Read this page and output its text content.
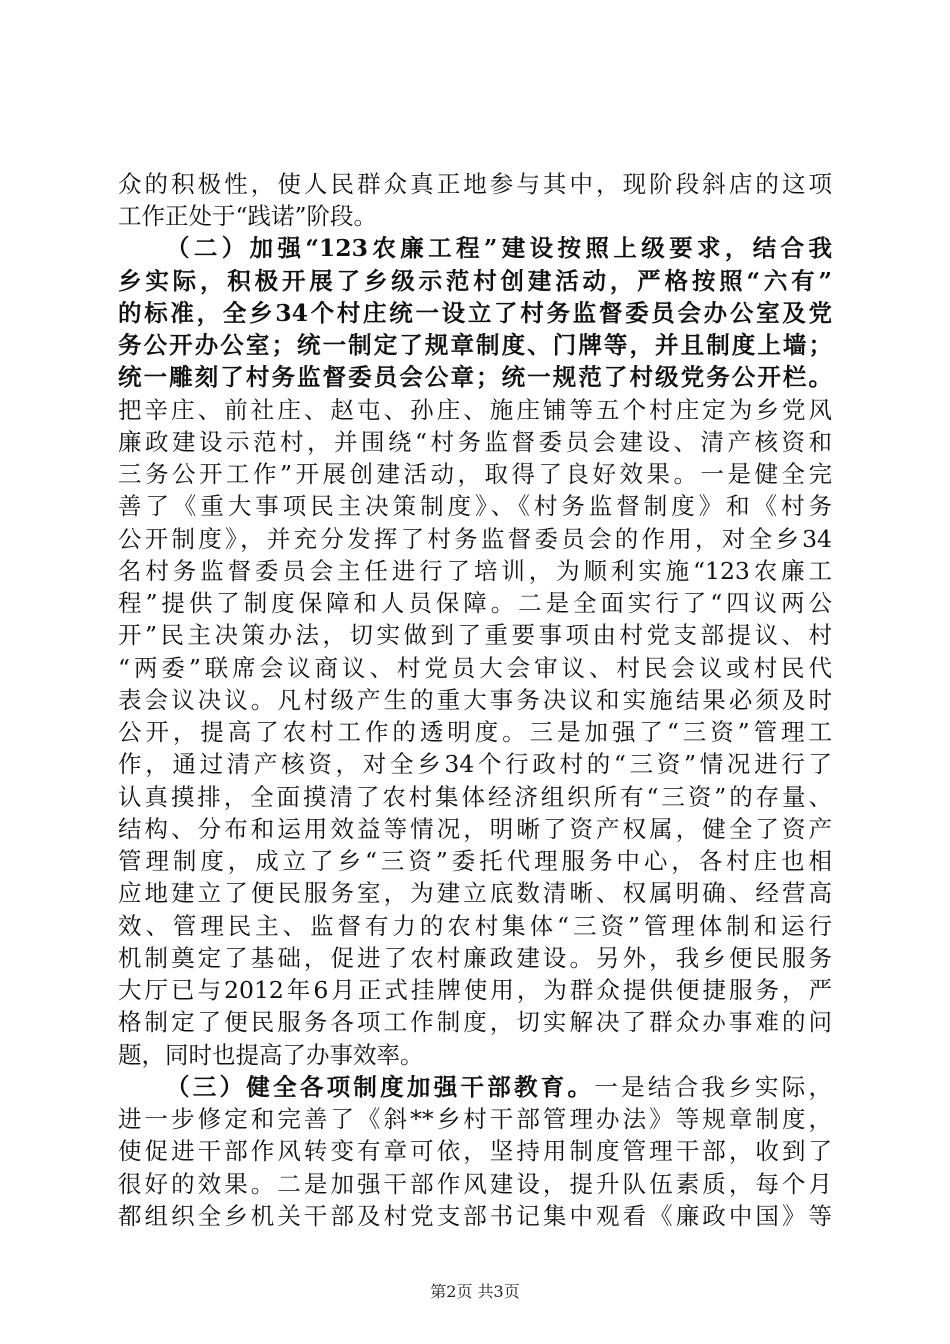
众的积极性，使人民群众真正地参与其中，现阶段斜店的这项
工作正处于“践诺”阶段。
（二）加强“123农廉工程”建设按照上级要求，结合我
乡实际，积极开展了乡级示范村创建活动，严格按照“六有”
的标准，全乡34个村庄统一设立了村务监督委员会办公室及党
务公开办公室；统一制定了规章制度、门牌等，并且制度上墙；
统一雕刻了村务监督委员会公章；统一规范了村级党务公开栏。
把辛庄、前社庄、赵屯、孙庄、施庄铺等五个村庄定为乡党风
廉政建设示范村，并围绕“村务监督委员会建设、清产核资和
三务公开工作”开展创建活动，取得了良好效果。一是健全完
善了《重大事项民主决策制度》、《村务监督制度》和《村务
公开制度》，并充分发挥了村务监督委员会的作用，对全乡34
名村务监督委员会主任进行了培训，为顺利实施“123农廉工
程”提供了制度保障和人员保障。二是全面实行了“四议两公
开”民主决策办法，切实做到了重要事项由村党支部提议、村
“两委”联席会议商议、村党员大会审议、村民会议或村民代
表会议决议。凡村级产生的重大事务决议和实施结果必须及时
公开，提高了农村工作的透明度。三是加强了“三资”管理工
作，通过清产核资，对全乡34个行政村的“三资”情况进行了
认真摸排，全面摸清了农村集体经济组织所有“三资”的存量、
结构、分布和运用效益等情况，明晰了资产权属，健全了资产
管理制度，成立了乡“三资”委托代理服务中心，各村庄也相
应地建立了便民服务室，为建立底数清晰、权属明确、经营高
效、管理民主、监督有力的农村集体“三资”管理体制和运行
机制奠定了基础，促进了农村廉政建设。另外，我乡便民服务
大厅已与2012年6月正式挂牌使用，为群众提供便捷服务，严
格制定了便民服务各项工作制度，切实解决了群众办事难的问
题，同时也提高了办事效率。
（三）健全各项制度加强干部教育。一是结合我乡实际，
进一步修定和完善了《斜**乡村干部管理办法》等规章制度，
使促进干部作风转变有章可依，坚持用制度管理干部，收到了
很好的效果。二是加强干部作风建设，提升队伍素质，每个月
都组织全乡机关干部及村党支部书记集中观看《廉政中国》等
第2页 共3页
